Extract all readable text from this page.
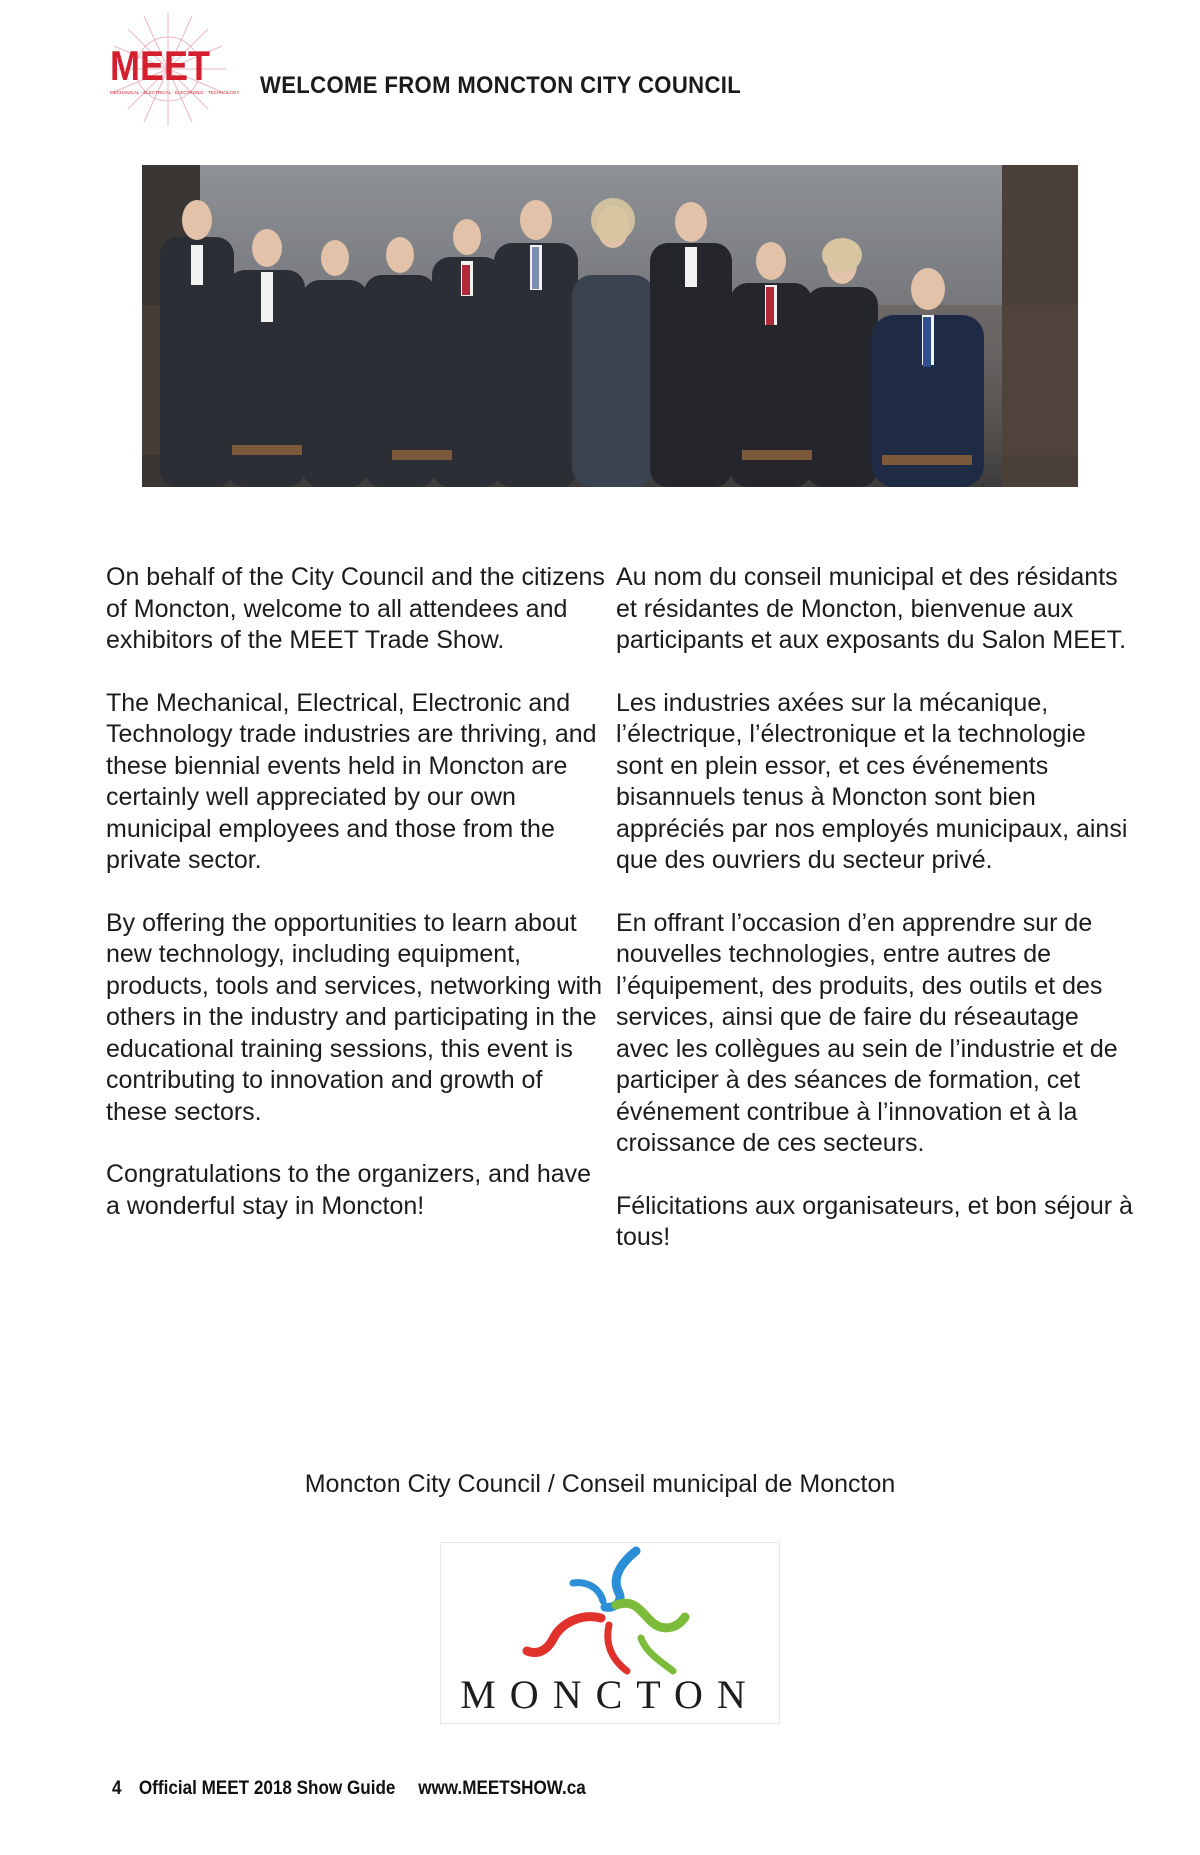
MEET
MECHANICAL · ELECTRICAL · ELECTRONIC · TECHNOLOGY WELCOME FROM MONCTON CITY COUNCIL

On behalf of the City Council and the citizens of Moncton, welcome to all attendees and exhibitors of the MEET Trade Show.

The Mechanical, Electrical, Electronic and Technology trade industries are thriving, and these biennial events held in Moncton are certainly well appreciated by our own municipal employees and those from the private sector.

By offering the opportunities to learn about new technology, including equipment, products, tools and services, networking with others in the industry and participating in the educational training sessions, this event is contributing to innovation and growth of these sectors.

Congratulations to the organizers, and have a wonderful stay in Moncton!

Au nom du conseil municipal et des résidants et résidantes de Moncton, bienvenue aux participants et aux exposants du Salon MEET.

Les industries axées sur la mécanique, l’électrique, l’électronique et la technologie sont en plein essor, et ces événements bisannuels tenus à Moncton sont bien appréciés par nos employés municipaux, ainsi que des ouvriers du secteur privé.

En offrant l’occasion d’en apprendre sur de nouvelles technologies, entre autres de l’équipement, des produits, des outils et des services, ainsi que de faire du réseautage avec les collègues au sein de l’industrie et de participer à des séances de formation, cet événement contribue à l’innovation et à la croissance de ces secteurs.

Félicitations aux organisateurs, et bon séjour à tous!

Moncton City Council / Conseil municipal de Moncton
MONCTON
4 Official MEET 2018 Show Guide www.MEETSHOW.ca
